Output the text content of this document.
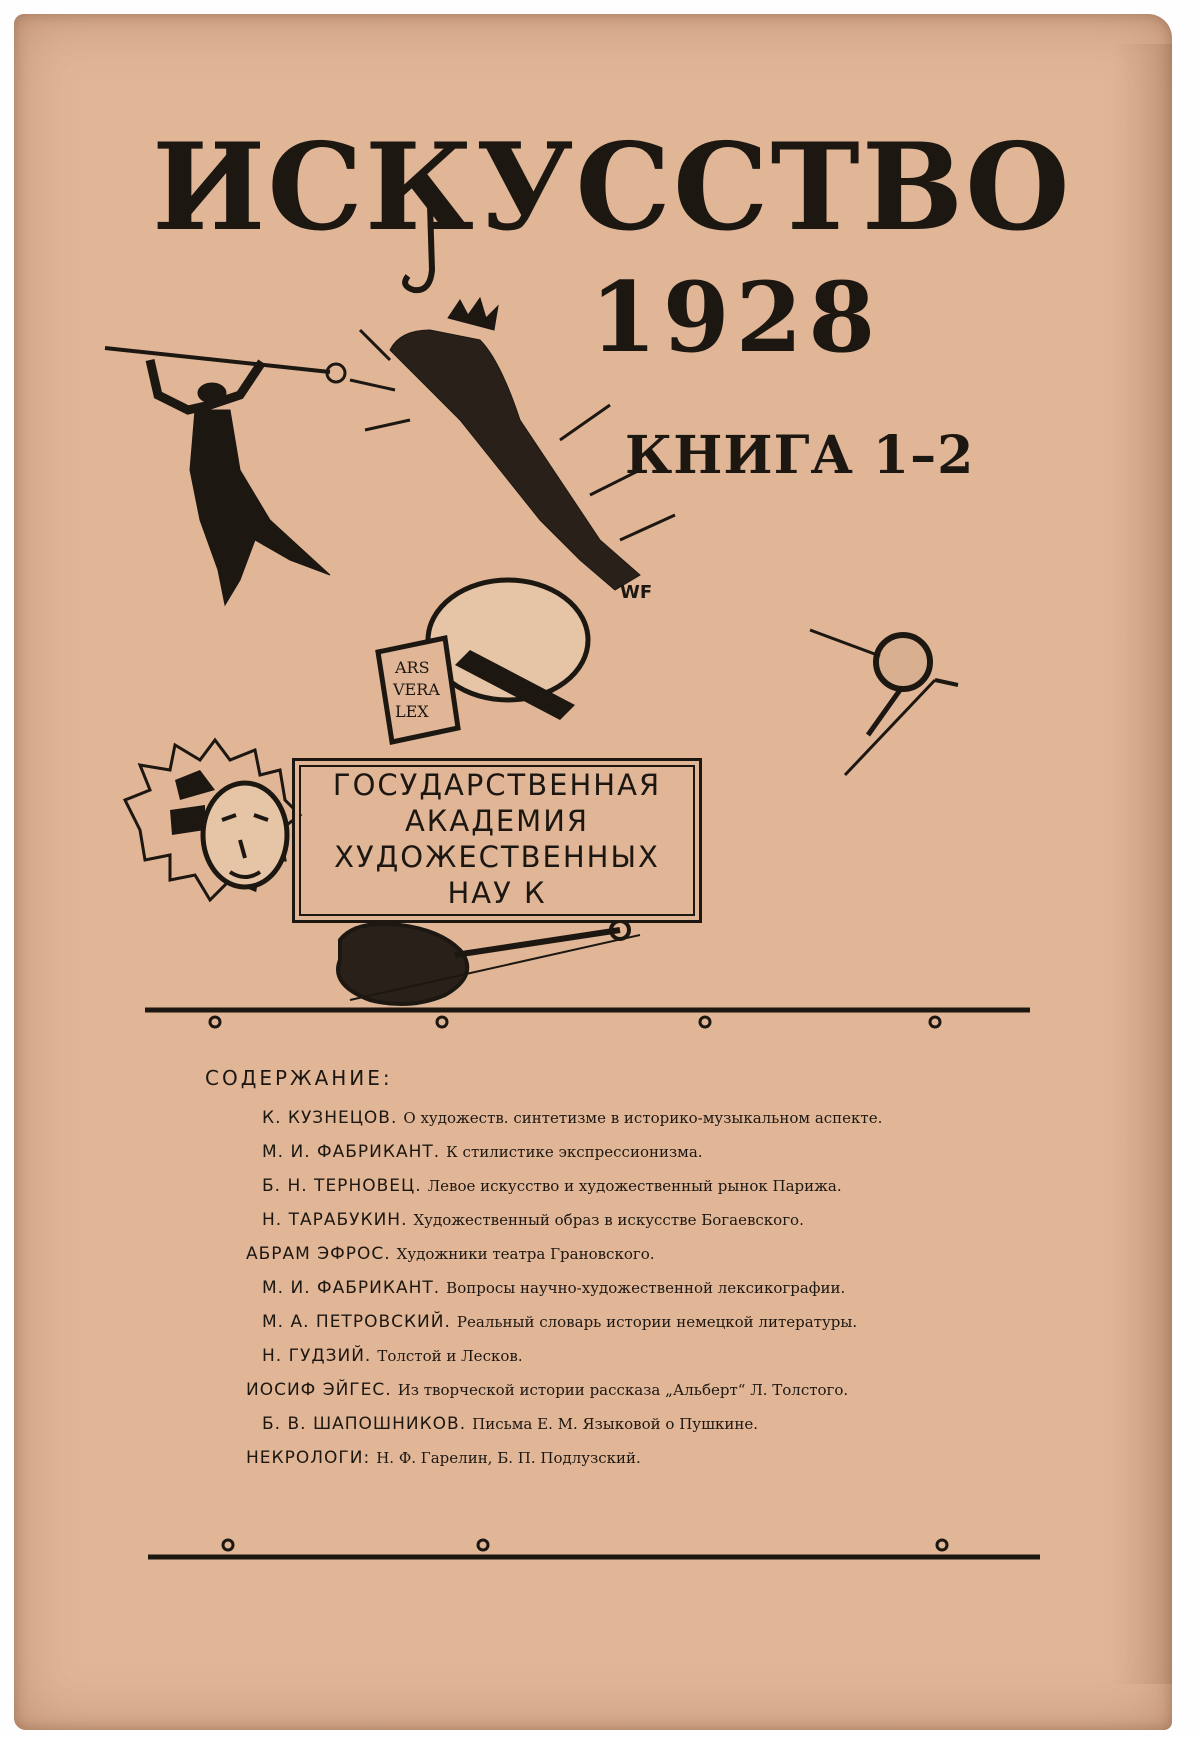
ИСКУССТВО
1928
КНИГА 1–2
WF
ARS
VERA
LEX
ГОСУДАРСТВЕННАЯ
АКАДЕМИЯ
ХУДОЖЕСТВЕННЫХ
НАУ К
СОДЕРЖАНИЕ:
К. КУЗНЕЦОВ. О художеств. синтетизме в историко-музыкальном аспекте.
М. И. ФАБРИКАНТ. К стилистике экспрессионизма.
Б. Н. ТЕРНОВЕЦ. Левое искусство и художественный рынок Парижа.
Н. ТАРАБУКИН. Художественный образ в искусстве Богаевского.
АБРАМ ЭФРОС. Художники театра Грановского.
М. И. ФАБРИКАНТ. Вопросы научно-художественной лексикографии.
М. А. ПЕТРОВСКИЙ. Реальный словарь истории немецкой литературы.
Н. ГУДЗИЙ. Толстой и Лесков.
ИОСИФ ЭЙГЕС. Из творческой истории рассказа „Альберт“ Л. Толстого.
Б. В. ШАПОШНИКОВ. Письма Е. М. Языковой о Пушкине.
НЕКРОЛОГИ: Н. Ф. Гарелин, Б. П. Подлузский.
